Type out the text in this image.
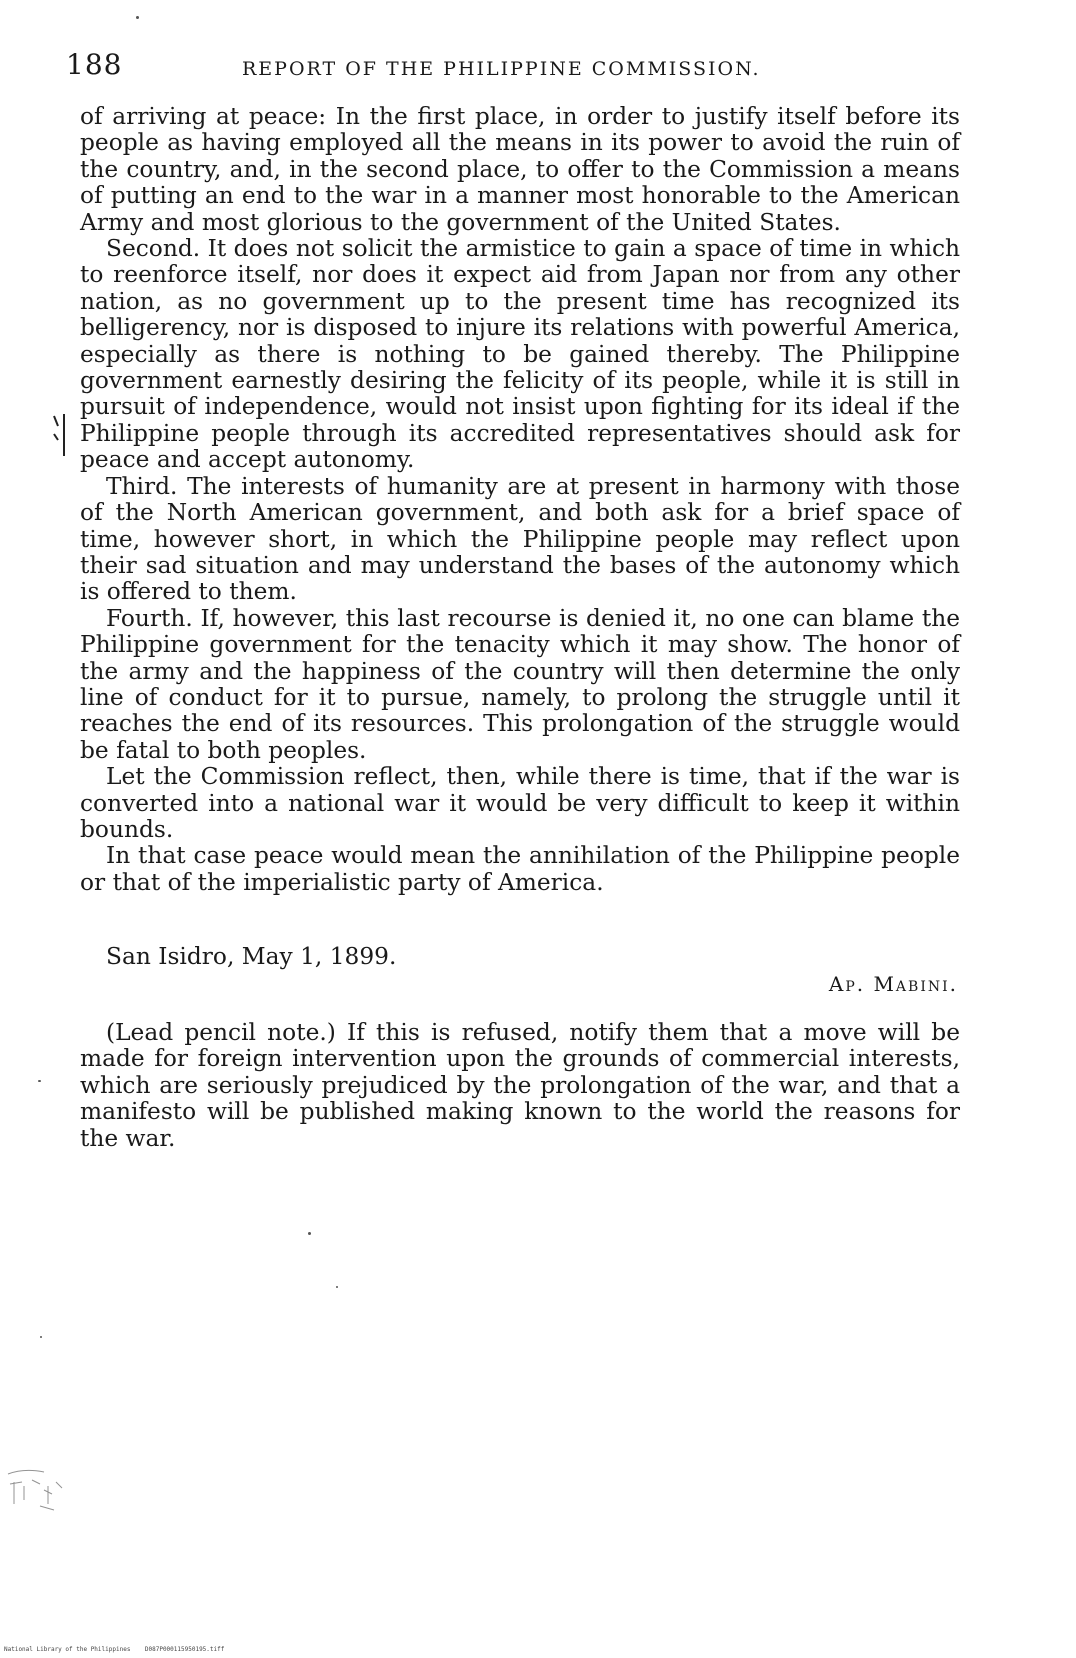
188	REPORT OF THE PHILIPPINE COMMISSION.

of arriving at peace: In the first place, in order to justify itself before its people as having employed all the means in its power to avoid the ruin of the country, and, in the second place, to offer to the Commission a means of putting an end to the war in a manner most honorable to the American Army and most glorious to the government of the United States.

Second. It does not solicit the armistice to gain a space of time in which to reenforce itself, nor does it expect aid from Japan nor from any other nation, as no government up to the present time has recognized its belligerency, nor is disposed to injure its relations with powerful America, especially as there is nothing to be gained thereby. The Philippine government earnestly desiring the felicity of its people, while it is still in pursuit of independence, would not insist upon fighting for its ideal if the Philippine people through its accredited representatives should ask for peace and accept autonomy.

Third. The interests of humanity are at present in harmony with those of the North American government, and both ask for a brief space of time, however short, in which the Philippine people may reflect upon their sad situation and may understand the bases of the autonomy which is offered to them.

Fourth. If, however, this last recourse is denied it, no one can blame the Philippine government for the tenacity which it may show. The honor of the army and the happiness of the country will then determine the only line of conduct for it to pursue, namely, to prolong the struggle until it reaches the end of its resources. This prolongation of the struggle would be fatal to both peoples.

Let the Commission reflect, then, while there is time, that if the war is converted into a national war it would be very difficult to keep it within bounds.

In that case peace would mean the annihilation of the Philippine people or that of the imperialistic party of America.

San Isidro, May 1, 1899.
Ap. Mabini.

(Lead pencil note.) If this is refused, notify them that a move will be made for foreign intervention upon the grounds of commercial interests, which are seriously prejudiced by the prolongation of the war, and that a manifesto will be published making known to the world the reasons for the war.

National Library of the Philippines    D087P000115950195.tiff
